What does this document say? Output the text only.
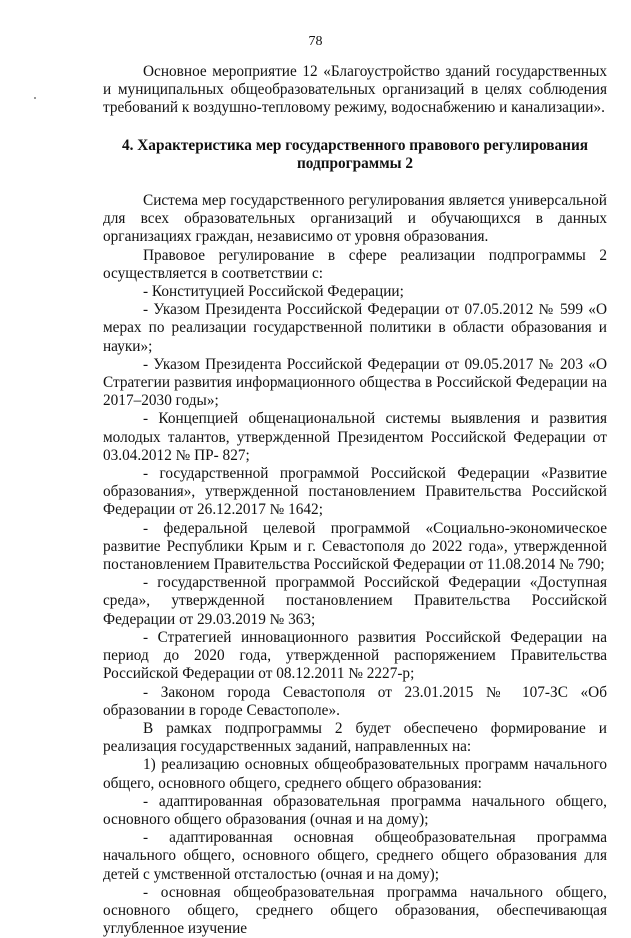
78

Основное мероприятие 12 «Благоустройство зданий государственных и муниципальных общеобразовательных организаций в целях соблюдения требований к воздушно-тепловому режиму, водоснабжению и канализации».

4. Характеристика мер государственного правового регулирования
подпрограммы 2

Система мер государственного регулирования является универсальной для всех образовательных организаций и обучающихся в данных организациях граждан, независимо от уровня образования.

Правовое регулирование в сфере реализации подпрограммы 2 осуществляется в соответствии с:

- Конституцией Российской Федерации;

- Указом Президента Российской Федерации от 07.05.2012 № 599 «О мерах по реализации государственной политики в области образования и науки»;

- Указом Президента Российской Федерации от 09.05.2017 № 203 «О Стратегии развития информационного общества в Российской Федерации на 2017–2030 годы»;

- Концепцией общенациональной системы выявления и развития молодых талантов, утвержденной Президентом Российской Федерации от 03.04.2012 № ПР- 827;

- государственной программой Российской Федерации «Развитие образования», утвержденной постановлением Правительства Российской Федерации от 26.12.2017 № 1642;

- федеральной целевой программой «Социально-экономическое развитие Республики Крым и г. Севастополя до 2022 года», утвержденной постановлением Правительства Российской Федерации от 11.08.2014 № 790;

- государственной программой Российской Федерации «Доступная среда», утвержденной постановлением Правительства Российской Федерации от 29.03.2019 № 363;

- Стратегией инновационного развития Российской Федерации на период до 2020 года, утвержденной распоряжением Правительства Российской Федерации от 08.12.2011 № 2227-р;

- Законом города Севастополя от 23.01.2015 № 107-ЗС «Об образовании в городе Севастополе».

В рамках подпрограммы 2 будет обеспечено формирование и реализация государственных заданий, направленных на:

1) реализацию основных общеобразовательных программ начального общего, основного общего, среднего общего образования:

- адаптированная образовательная программа начального общего, основного общего образования (очная и на дому);

- адаптированная основная общеобразовательная программа начального общего, основного общего, среднего общего образования для детей с умственной отсталостью (очная и на дому);

- основная общеобразовательная программа начального общего, основного общего, среднего общего образования, обеспечивающая углубленное изучение
